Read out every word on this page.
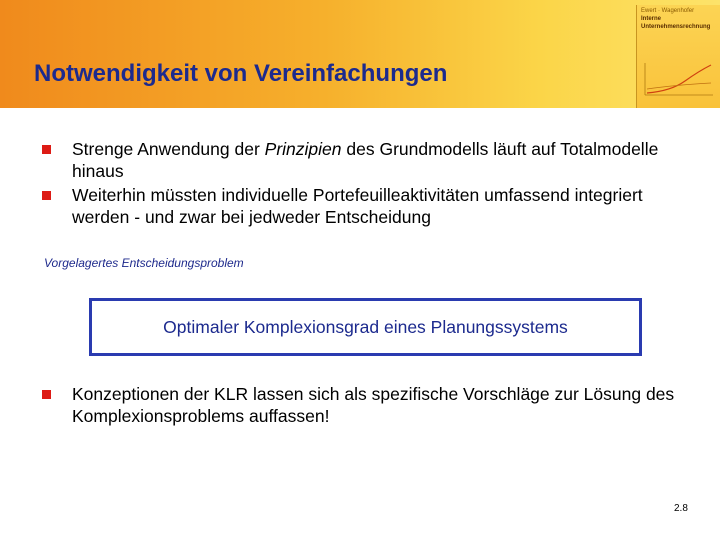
Notwendigkeit von Vereinfachungen
Ewert · Wagenhofer
Interne
Unternehmensrechnung
Strenge Anwendung der Prinzipien des Grundmodells läuft auf Totalmodelle hinaus
Weiterhin müssten individuelle Portefeuilleaktivitäten umfassend integriert werden - und zwar bei jedweder Entscheidung
Vorgelagertes Entscheidungsproblem
Optimaler Komplexionsgrad eines Planungssystems
Konzeptionen der KLR lassen sich als spezifische Vorschläge zur Lösung des Komplexionsproblems auffassen!
2.8
